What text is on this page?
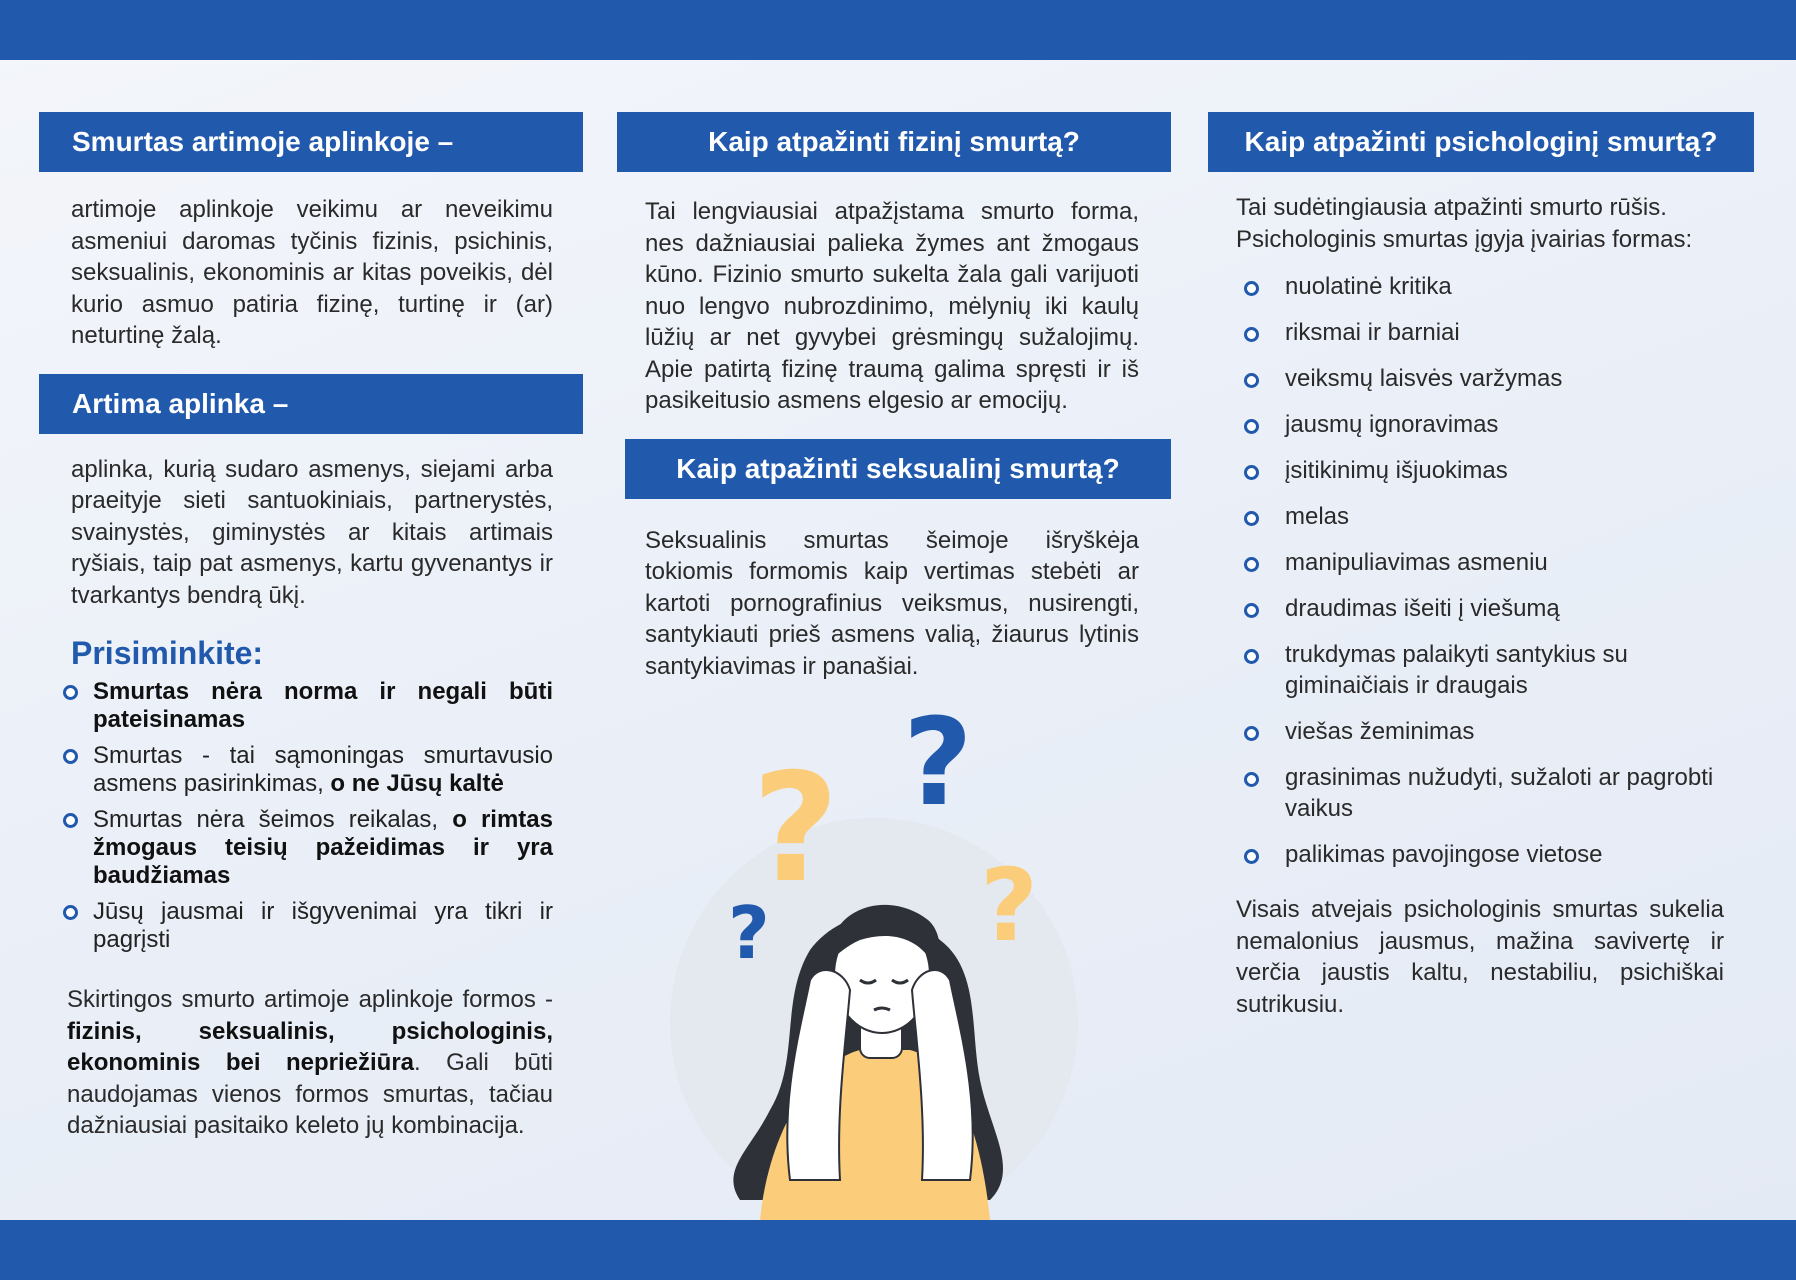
Smurtas artimoje aplinkoje –
artimoje aplinkoje veikimu ar neveikimu asmeniui daromas tyčinis fizinis, psichinis, seksualinis, ekonominis ar kitas poveikis, dėl kurio asmuo patiria fizinę, turtinę ir (ar) neturtinę žalą.
Artima aplinka –
aplinka, kurią sudaro asmenys, siejami arba praeityje sieti santuokiniais, partnerystės, svainystės, giminystės ar kitais artimais ryšiais, taip pat asmenys, kartu gyvenantys ir tvarkantys bendrą ūkį.
Prisiminkite:
Smurtas nėra norma ir negali būti pateisinamas
Smurtas - tai sąmoningas smurtavusio asmens pasirinkimas, o ne Jūsų kaltė
Smurtas nėra šeimos reikalas, o rimtas žmogaus teisių pažeidimas ir yra baudžiamas
Jūsų jausmai ir išgyvenimai yra tikri ir pagrįsti
Skirtingos smurto artimoje aplinkoje formos - fizinis, seksualinis, psichologinis, ekonominis bei nepriežiūra. Gali būti naudojamas vienos formos smurtas, tačiau dažniausiai pasitaiko keleto jų kombinacija.
Kaip atpažinti fizinį smurtą?
Tai lengviausiai atpažįstama smurto forma, nes dažniausiai palieka žymes ant žmogaus kūno. Fizinio smurto sukelta žala gali varijuoti nuo lengvo nubrozdinimo, mėlynių iki kaulų lūžių ar net gyvybei grėsmingų sužalojimų. Apie patirtą fizinę traumą galima spręsti ir iš pasikeitusio asmens elgesio ar emocijų.
Kaip atpažinti seksualinį smurtą?
Seksualinis smurtas šeimoje išryškėja tokiomis formomis kaip vertimas stebėti ar kartoti pornografinius veiksmus, nusirengti, santykiauti prieš asmens valią, žiaurus lytinis santykiavimas ir panašiai.
? ?
?
?
Kaip atpažinti psichologinį smurtą?
Tai sudėtingiausia atpažinti smurto rūšis. Psichologinis smurtas įgyja įvairias formas:
nuolatinė kritika
riksmai ir barniai
veiksmų laisvės varžymas
jausmų ignoravimas
įsitikinimų išjuokimas
melas
manipuliavimas asmeniu
draudimas išeiti į viešumą
trukdymas palaikyti santykius su giminaičiais ir draugais
viešas žeminimas
grasinimas nužudyti, sužaloti ar pagrobti vaikus
palikimas pavojingose vietose
Visais atvejais psichologinis smurtas sukelia nemalonius jausmus, mažina savivertę ir verčia jaustis kaltu, nestabiliu, psichiškai sutrikusiu.
